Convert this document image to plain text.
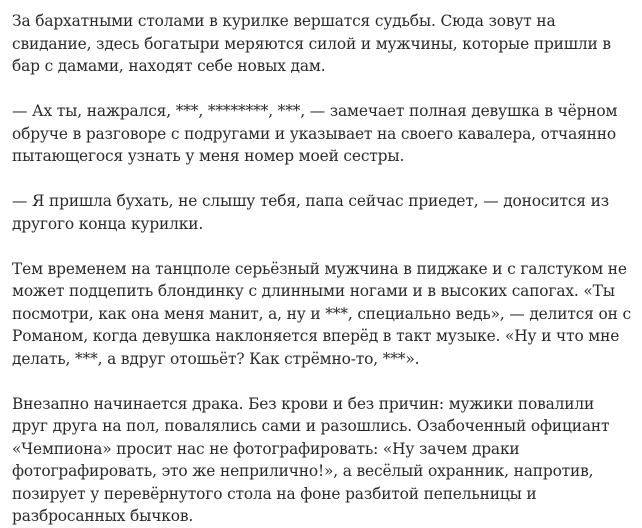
За бархатными столами в курилке вершатся судьбы. Сюда зовут на свидание, здесь богатыри меряются силой и мужчины, которые пришли в бар с дамами, находят себе новых дам.

— Ах ты, нажрался, ***, ********, ***, — замечает полная девушка в чёрном обруче в разговоре с подругами и указывает на своего кавалера, отчаянно пытающегося узнать у меня номер моей сестры.

— Я пришла бухать, не слышу тебя, папа сейчас приедет, — доносится из другого конца курилки.

Тем временем на танцполе серьёзный мужчина в пиджаке и с галстуком не может подцепить блондинку с длинными ногами и в высоких сапогах. «Ты посмотри, как она меня манит, а, ну и ***, специально ведь», — делится он с Романом, когда девушка наклоняется вперёд в такт музыке. «Ну и что мне делать, ***, а вдруг отошьёт? Как стрёмно-то, ***».

Внезапно начинается драка. Без крови и без причин: мужики повалили друг друга на пол, повалялись сами и разошлись. Озабоченный официант «Чемпиона» просит нас не фотографировать: «Ну зачем драки фотографировать, это же неприлично!», а весёлый охранник, напротив, позирует у перевёрнутого стола на фоне разбитой пепельницы и разбросанных бычков.
